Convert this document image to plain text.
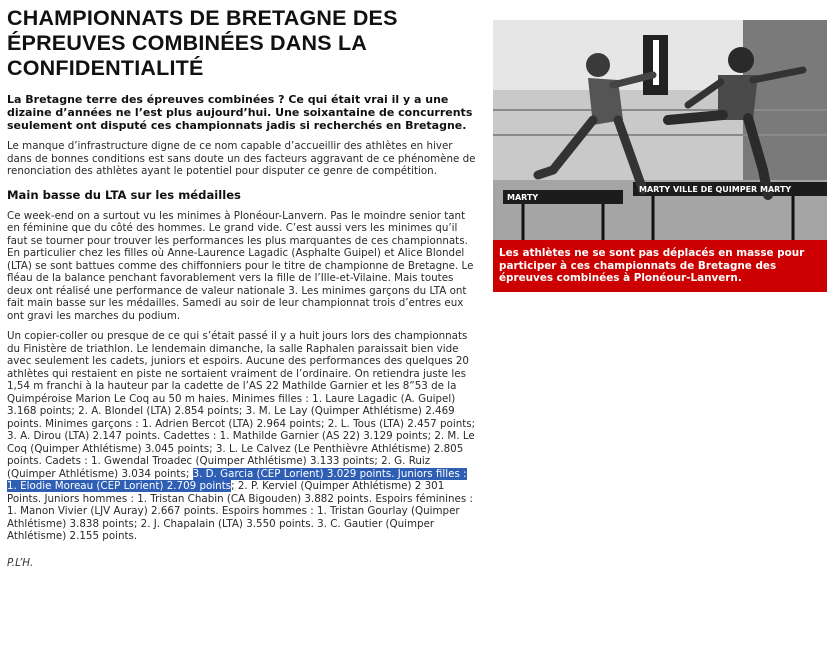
CHAMPIONNATS DE BRETAGNE DES ÉPREUVES COMBINÉES DANS LA CONFIDENTIALITÉ

La Bretagne terre des épreuves combinées ? Ce qui était vrai il y a une dizaine d’années ne l’est plus aujourd’hui. Une soixantaine de concurrents seulement ont disputé ces championnats jadis si recherchés en Bretagne.

Le manque d’infrastructure digne de ce nom capable d’accueillir des athlètes en hiver dans de bonnes conditions est sans doute un des facteurs aggravant de ce phénomène de renonciation des athlètes ayant le potentiel pour disputer ce genre de compétition.

Main basse du LTA sur les médailles

Ce week-end on a surtout vu les minimes à Plonéour-Lanvern. Pas le moindre senior tant en féminine que du côté des hommes. Le grand vide. C’est aussi vers les minimes qu’il faut se tourner pour trouver les performances les plus marquantes de ces championnats. En particulier chez les filles où Anne-Laurence Lagadic (Asphalte Guipel) et Alice Blondel (LTA) se sont battues comme des chiffonniers pour le titre de championne de Bretagne. Le fléau de la balance penchant favorablement vers la fille de l’Ille-et-Vilaine. Mais toutes deux ont réalisé une performance de valeur nationale 3. Les minimes garçons du LTA ont fait main basse sur les médailles. Samedi au soir de leur championnat trois d’entres eux ont gravi les marches du podium.

Un copier-coller ou presque de ce qui s’était passé il y a huit jours lors des championnats du Finistère de triathlon. Le lendemain dimanche, la salle Raphalen paraissait bien vide avec seulement les cadets, juniors et espoirs. Aucune des performances des quelques 20 athlètes qui restaient en piste ne sortaient vraiment de l’ordinaire. On retiendra juste les 1,54 m franchi à la hauteur par la cadette de l’AS 22 Mathilde Garnier et les 8”53 de la Quimpéroise Marion Le Coq au 50 m haies. Minimes filles : 1. Laure Lagadic (A. Guipel) 3.168 points; 2. A. Blondel (LTA) 2.854 points; 3. M. Le Lay (Quimper Athlétisme) 2.469 points. Minimes garçons : 1. Adrien Bercot (LTA) 2.964 points; 2. L. Tous (LTA) 2.457 points; 3. A. Dirou (LTA) 2.147 points. Cadettes : 1. Mathilde Garnier (AS 22) 3.129 points; 2. M. Le Coq (Quimper Athlétisme) 3.045 points; 3. L. Le Calvez (Le Penthièvre Athlétisme) 2.805 points. Cadets : 1. Gwendal Troadec (Quimper Athlétisme) 3.133 points; 2. G. Ruiz (Quimper Athlétisme) 3.034 points; 3. D. Garcia (CEP Lorient) 3.029 points. Juniors filles : 1. Elodie Moreau (CEP Lorient) 2.709 points; 2. P. Kerviel (Quimper Athlétisme) 2 301 Points. Juniors hommes : 1. Tristan Chabin (CA Bigouden) 3.882 points. Espoirs féminines : 1. Manon Vivier (LJV Auray) 2.667 points. Espoirs hommes : 1. Tristan Gourlay (Quimper Athlétisme) 3.838 points; 2. J. Chapalain (LTA) 3.550 points. 3. C. Gautier (Quimper Athlétisme) 2.155 points.

P.L’H.
MARTY
MARTY VILLE DE QUIMPER MARTY
Les athlètes ne se sont pas déplacés en masse pour participer à ces championnats de Bretagne des épreuves combinées à Plonéour-Lanvern.
